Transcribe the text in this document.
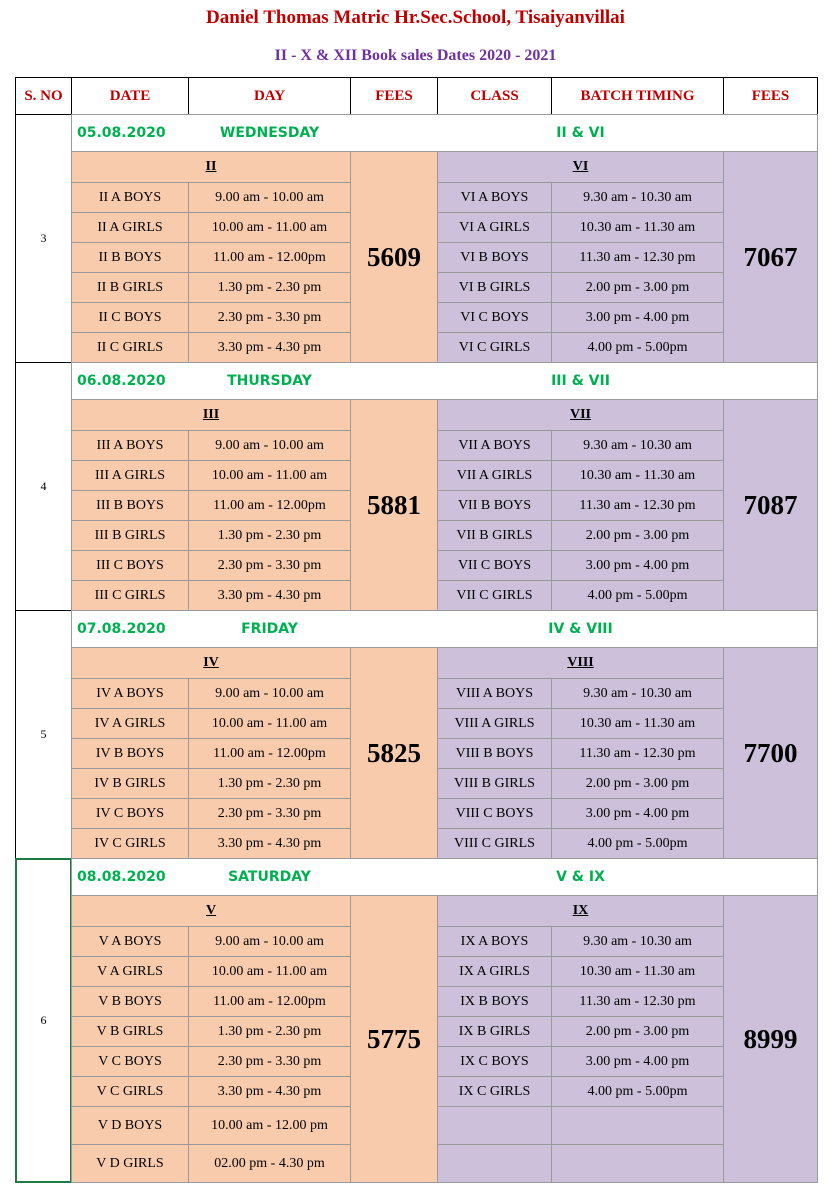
Daniel Thomas Matric Hr.Sec.School, Tisaiyanvillai
II - X & XII Book sales Dates 2020 - 2021
S. NO	DATE	DAY	FEES	CLASS	BATCH TIMING	FEES
3
05.08.2020	WEDNESDAY	II & VI
II
5609
VI
7067
II A BOYS	9.00 am - 10.00 am	VI A BOYS	9.30 am - 10.30 am
II A GIRLS	10.00 am - 11.00 am	VI A GIRLS	10.30 am - 11.30 am
II B BOYS	11.00 am - 12.00pm	VI B BOYS	11.30 am - 12.30 pm
II B GIRLS	1.30 pm - 2.30 pm	VI B GIRLS	2.00 pm - 3.00 pm
II C BOYS	2.30 pm - 3.30 pm	VI C BOYS	3.00 pm - 4.00 pm
II C GIRLS	3.30 pm - 4.30 pm	VI C GIRLS	4.00 pm - 5.00pm
4
06.08.2020	THURSDAY	III & VII
III
5881
VII
7087
III A BOYS	9.00 am - 10.00 am	VII A BOYS	9.30 am - 10.30 am
III A GIRLS	10.00 am - 11.00 am	VII A GIRLS	10.30 am - 11.30 am
III B BOYS	11.00 am - 12.00pm	VII B BOYS	11.30 am - 12.30 pm
III B GIRLS	1.30 pm - 2.30 pm	VII B GIRLS	2.00 pm - 3.00 pm
III C BOYS	2.30 pm - 3.30 pm	VII C BOYS	3.00 pm - 4.00 pm
III C GIRLS	3.30 pm - 4.30 pm	VII C GIRLS	4.00 pm - 5.00pm
5
07.08.2020	FRIDAY	IV & VIII
IV
5825
VIII
7700
IV A BOYS	9.00 am - 10.00 am	VIII A BOYS	9.30 am - 10.30 am
IV A GIRLS	10.00 am - 11.00 am	VIII A GIRLS	10.30 am - 11.30 am
IV B BOYS	11.00 am - 12.00pm	VIII B BOYS	11.30 am - 12.30 pm
IV B GIRLS	1.30 pm - 2.30 pm	VIII B GIRLS	2.00 pm - 3.00 pm
IV C BOYS	2.30 pm - 3.30 pm	VIII C BOYS	3.00 pm - 4.00 pm
IV C GIRLS	3.30 pm - 4.30 pm	VIII C GIRLS	4.00 pm - 5.00pm
6
08.08.2020	SATURDAY	V & IX
V
5775
IX
8999
V A BOYS	9.00 am - 10.00 am	IX A BOYS	9.30 am - 10.30 am
V A GIRLS	10.00 am - 11.00 am	IX A GIRLS	10.30 am - 11.30 am
V B BOYS	11.00 am - 12.00pm	IX B BOYS	11.30 am - 12.30 pm
V B GIRLS	1.30 pm - 2.30 pm	IX B GIRLS	2.00 pm - 3.00 pm
V C BOYS	2.30 pm - 3.30 pm	IX C BOYS	3.00 pm - 4.00 pm
V C GIRLS	3.30 pm - 4.30 pm	IX C GIRLS	4.00 pm - 5.00pm
V D BOYS	10.00 am - 12.00 pm
V D GIRLS	02.00 pm - 4.30 pm
